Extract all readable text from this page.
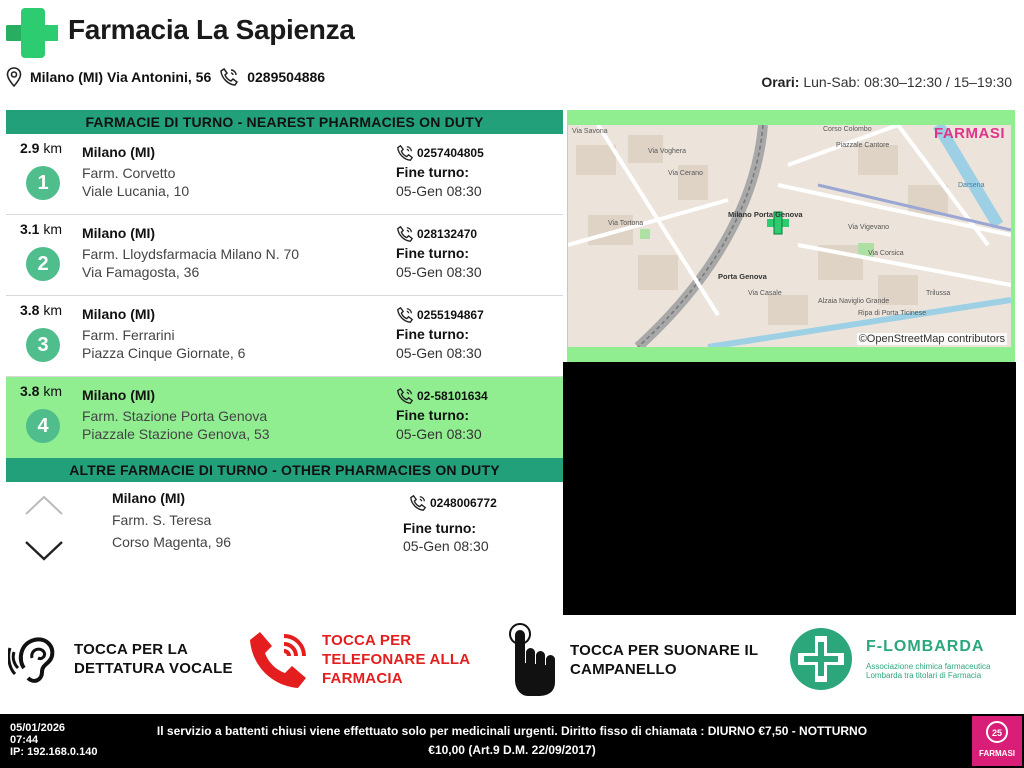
Farmacia La Sapienza
Milano (MI) Via Antonini, 56	0289504886	Orari: Lun-Sab: 08:30–12:30 / 15–19:30
FARMACIE DI TURNO - NEAREST PHARMACIES ON DUTY
2.9 km
1
Milano (MI)
Farm. Corvetto
Viale Lucania, 10
0257404805
Fine turno:
05-Gen 08:30
3.1 km
2
Milano (MI)
Farm. Lloydsfarmacia Milano N. 70
Via Famagosta, 36
028132470
Fine turno:
05-Gen 08:30
3.8 km
3
Milano (MI)
Farm. Ferrarini
Piazza Cinque Giornate, 6
0255194867
Fine turno:
05-Gen 08:30
3.8 km
4
Milano (MI)
Farm. Stazione Porta Genova
Piazzale Stazione Genova, 53
02-58101634
Fine turno:
05-Gen 08:30
ALTRE FARMACIE DI TURNO - OTHER PHARMACIES ON DUTY
Milano (MI)
Farm. S. Teresa
Corso Magenta, 96
0248006772
Fine turno:
05-Gen 08:30
Via Savona
Via Voghera
Via Tortona
Milano Porta Genova
Porta Genova
Via Vigevano
Via Corsica
Corso Colombo
Piazzale Cantore
Alzaia Naviglio Grande
Ripa di Porta Ticinese
Darsena
Via Cerano
Via Casale	Trilussa
FARMASI
©OpenStreetMap contributors
TOCCA PER LA DETTATURA VOCALE
TOCCA PER TELEFONARE ALLA FARMACIA
TOCCA PER SUONARE IL CAMPANELLO
F-LOMBARDA
Associazione chimica farmaceutica
Lombarda tra titolari di Farmacia
05/01/2026
07:44
IP: 192.168.0.140
Il servizio a battenti chiusi viene effettuato solo per medicinali urgenti. Diritto fisso di chiamata : DIURNO €7,50 - NOTTURNO
€10,00 (Art.9 D.M. 22/09/2017)
25
FARMASI
